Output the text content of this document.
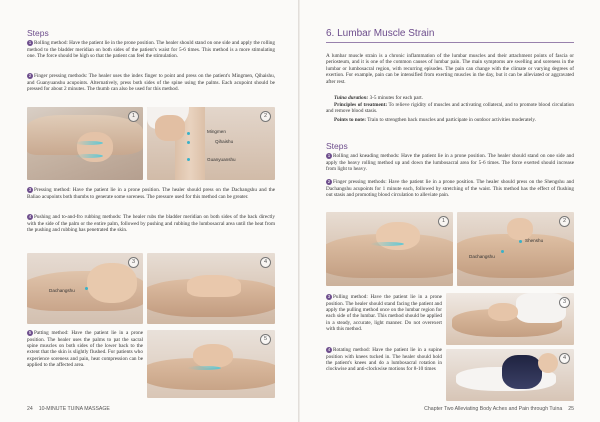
Steps
1 Rolling method: Have the patient lie in the prone position. The healer should stand on one side and apply the rolling method to the bladder meridian on both sides of the patient's waist for 5-6 times. This method is a more stimulating one. The force should be high so that the patient can feel the stimulation.
2 Finger pressing methods: The healer uses the index finger to point and press on the patient's Mingmen, Qihaishu, and Guanyuanshu acupoints. Alternatively, press both sides of the spine using the palms. Each acupoint should be pressed for about 2 minutes. The thumb can also be used for this method.
1
Mingmen
Qihaishu
Guanyuanshu
2
3 Pressing method: Have the patient lie in a prone position. The healer should press on the Dachangshu and the Baliao acupoints both thumbs to generate some soreness. The pressure used for this method can be greater.
4 Pushing and to-and-fro rubbing methods: The healer rubs the bladder meridian on both sides of the back directly with the side of the palm or the entire palm, followed by pushing and rubbing the lumbosacral area until the heat from the pushing and rubbing has penetrated the skin.
Dachangshu
3	4
5 Patting method: Have the patient lie in a prone position. The healer uses the palms to pat the sacral spine muscles on both sides of the lower back to the extent that the skin is slightly flushed. For patients who experience soreness and pain, heat compression can be applied to the affected area.
5
24 10-MINUTE TUINA MASSAGE
6. Lumbar Muscle Strain
A lumbar muscle strain is a chronic inflammation of the lumbar muscles and their attachment points of fascia or periosteum, and it is one of the common causes of lumbar pain. The main symptoms are swelling and soreness in the lumbar or lumbosacral region, with recurring episodes. The pain can change with the climate or varying degrees of exertion. For example, pain can be intensified from exerting muscles in the day, but it can be alleviated or aggravated after rest.
Tuina duration: 3-5 minutes for each part.
Principles of treatment: To relieve rigidity of muscles and activating collateral, and to promote blood circulation and remove blood stasis.
Points to note: Train to strengthen back muscles and participate in outdoor activities moderately.
Steps
1 Rolling and kneading methods: Have the patient lie in a prone position. The healer should stand on one side and apply the heavy rolling method up and down the lumbosacral area for 5-6 times. The force exerted should increase from light to heavy.
2 Finger pressing methods: Have the patient lie in a prone position. The healer should press on the Shengshu and Dachangshu acupoints for 1 minute each, followed by stretching of the waist. This method has the effect of flushing out stasis and promoting blood circulation to alleviate pain.
1
Shenshu
Dachangshu
2
3 Pulling method: Have the patient lie in a prone position. The healer should stand facing the patient and apply the pulling method once on the lumbar region for each side of the lumbar. This method should be applied in a steady, accurate, light manner. Do not overexert with this method.
4 Rotating method: Have the patient lie in a supine position with knees tucked in. The healer should hold the patient's knees and do a lumbosacral rotation in clockwise and anti-clockwise motions for 8-10 times
3
4
Chapter Two Alleviating Body Aches and Pain through Tuina 25
